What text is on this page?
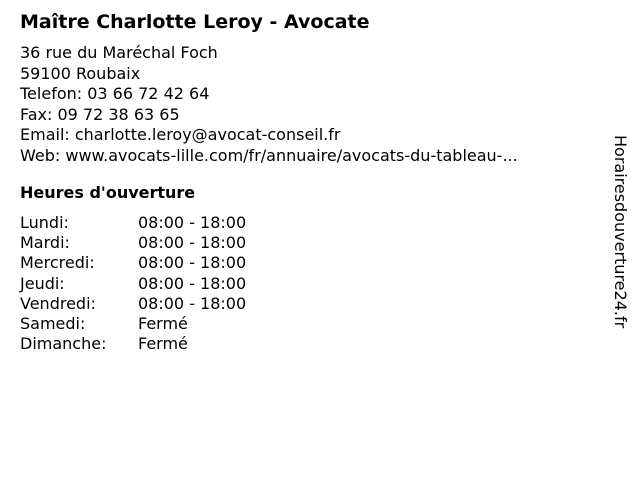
Maître Charlotte Leroy - Avocate
36 rue du Maréchal Foch
59100 Roubaix
Telefon: 03 66 72 42 64
Fax: 09 72 38 63 65
Email: charlotte.leroy@avocat-conseil.fr
Web: www.avocats-lille.com/fr/annuaire/avocats-du-tableau-...
Heures d'ouverture
Lundi:	08:00 - 18:00
Mardi:	08:00 - 18:00
Mercredi:	08:00 - 18:00
Jeudi:	08:00 - 18:00
Vendredi:	08:00 - 18:00
Samedi:	Fermé
Dimanche: Fermé
Horairesdouverture24.fr
